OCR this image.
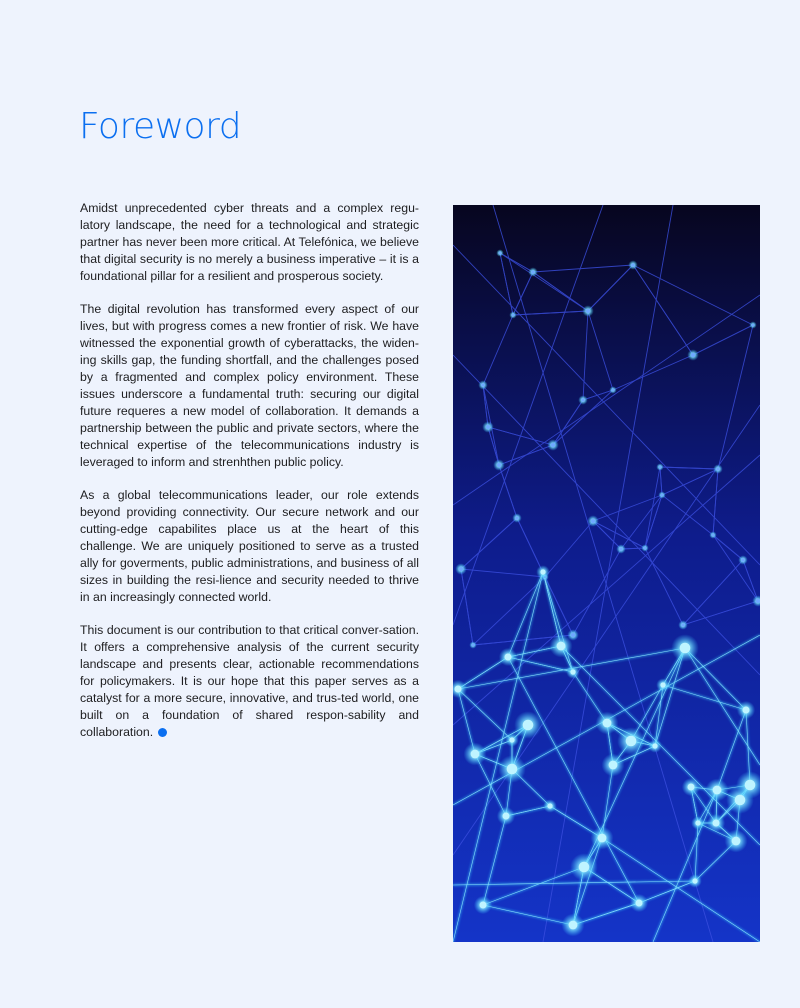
Foreword

Amidst unprecedented cyber threats and a complex regu-latory landscape, the need for a technological and strategic partner has never been more critical. At Telefónica, we believe that digital security is no merely a business imperative – it is a foundational pillar for a resilient and prosperous society.

The digital revolution has transformed every aspect of our lives, but with progress comes a new frontier of risk. We have witnessed the exponential growth of cyberattacks, the widen-ing skills gap, the funding shortfall, and the challenges posed by a fragmented and complex policy environment. These issues underscore a fundamental truth: securing our digital future requeres a new model of collaboration. It demands a partnership between the public and private sectors, where the technical expertise of the telecommunications industry is leveraged to inform and strenhthen public policy.

As a global telecommunications leader, our role extends beyond providing connectivity. Our secure network and our cutting-edge capabilites place us at the heart of this challenge. We are uniquely positioned to serve as a trusted ally for goverments, public administrations, and business of all sizes in building the resi-lience and security needed to thrive in an increasingly connected world.

This document is our contribution to that critical conver-sation. It offers a comprehensive analysis of the current security landscape and presents clear, actionable recommendations for policymakers. It is our hope that this paper serves as a catalyst for a more secure, innovative, and trus-ted world, one built on a foundation of shared respon-sability and collaboration.
